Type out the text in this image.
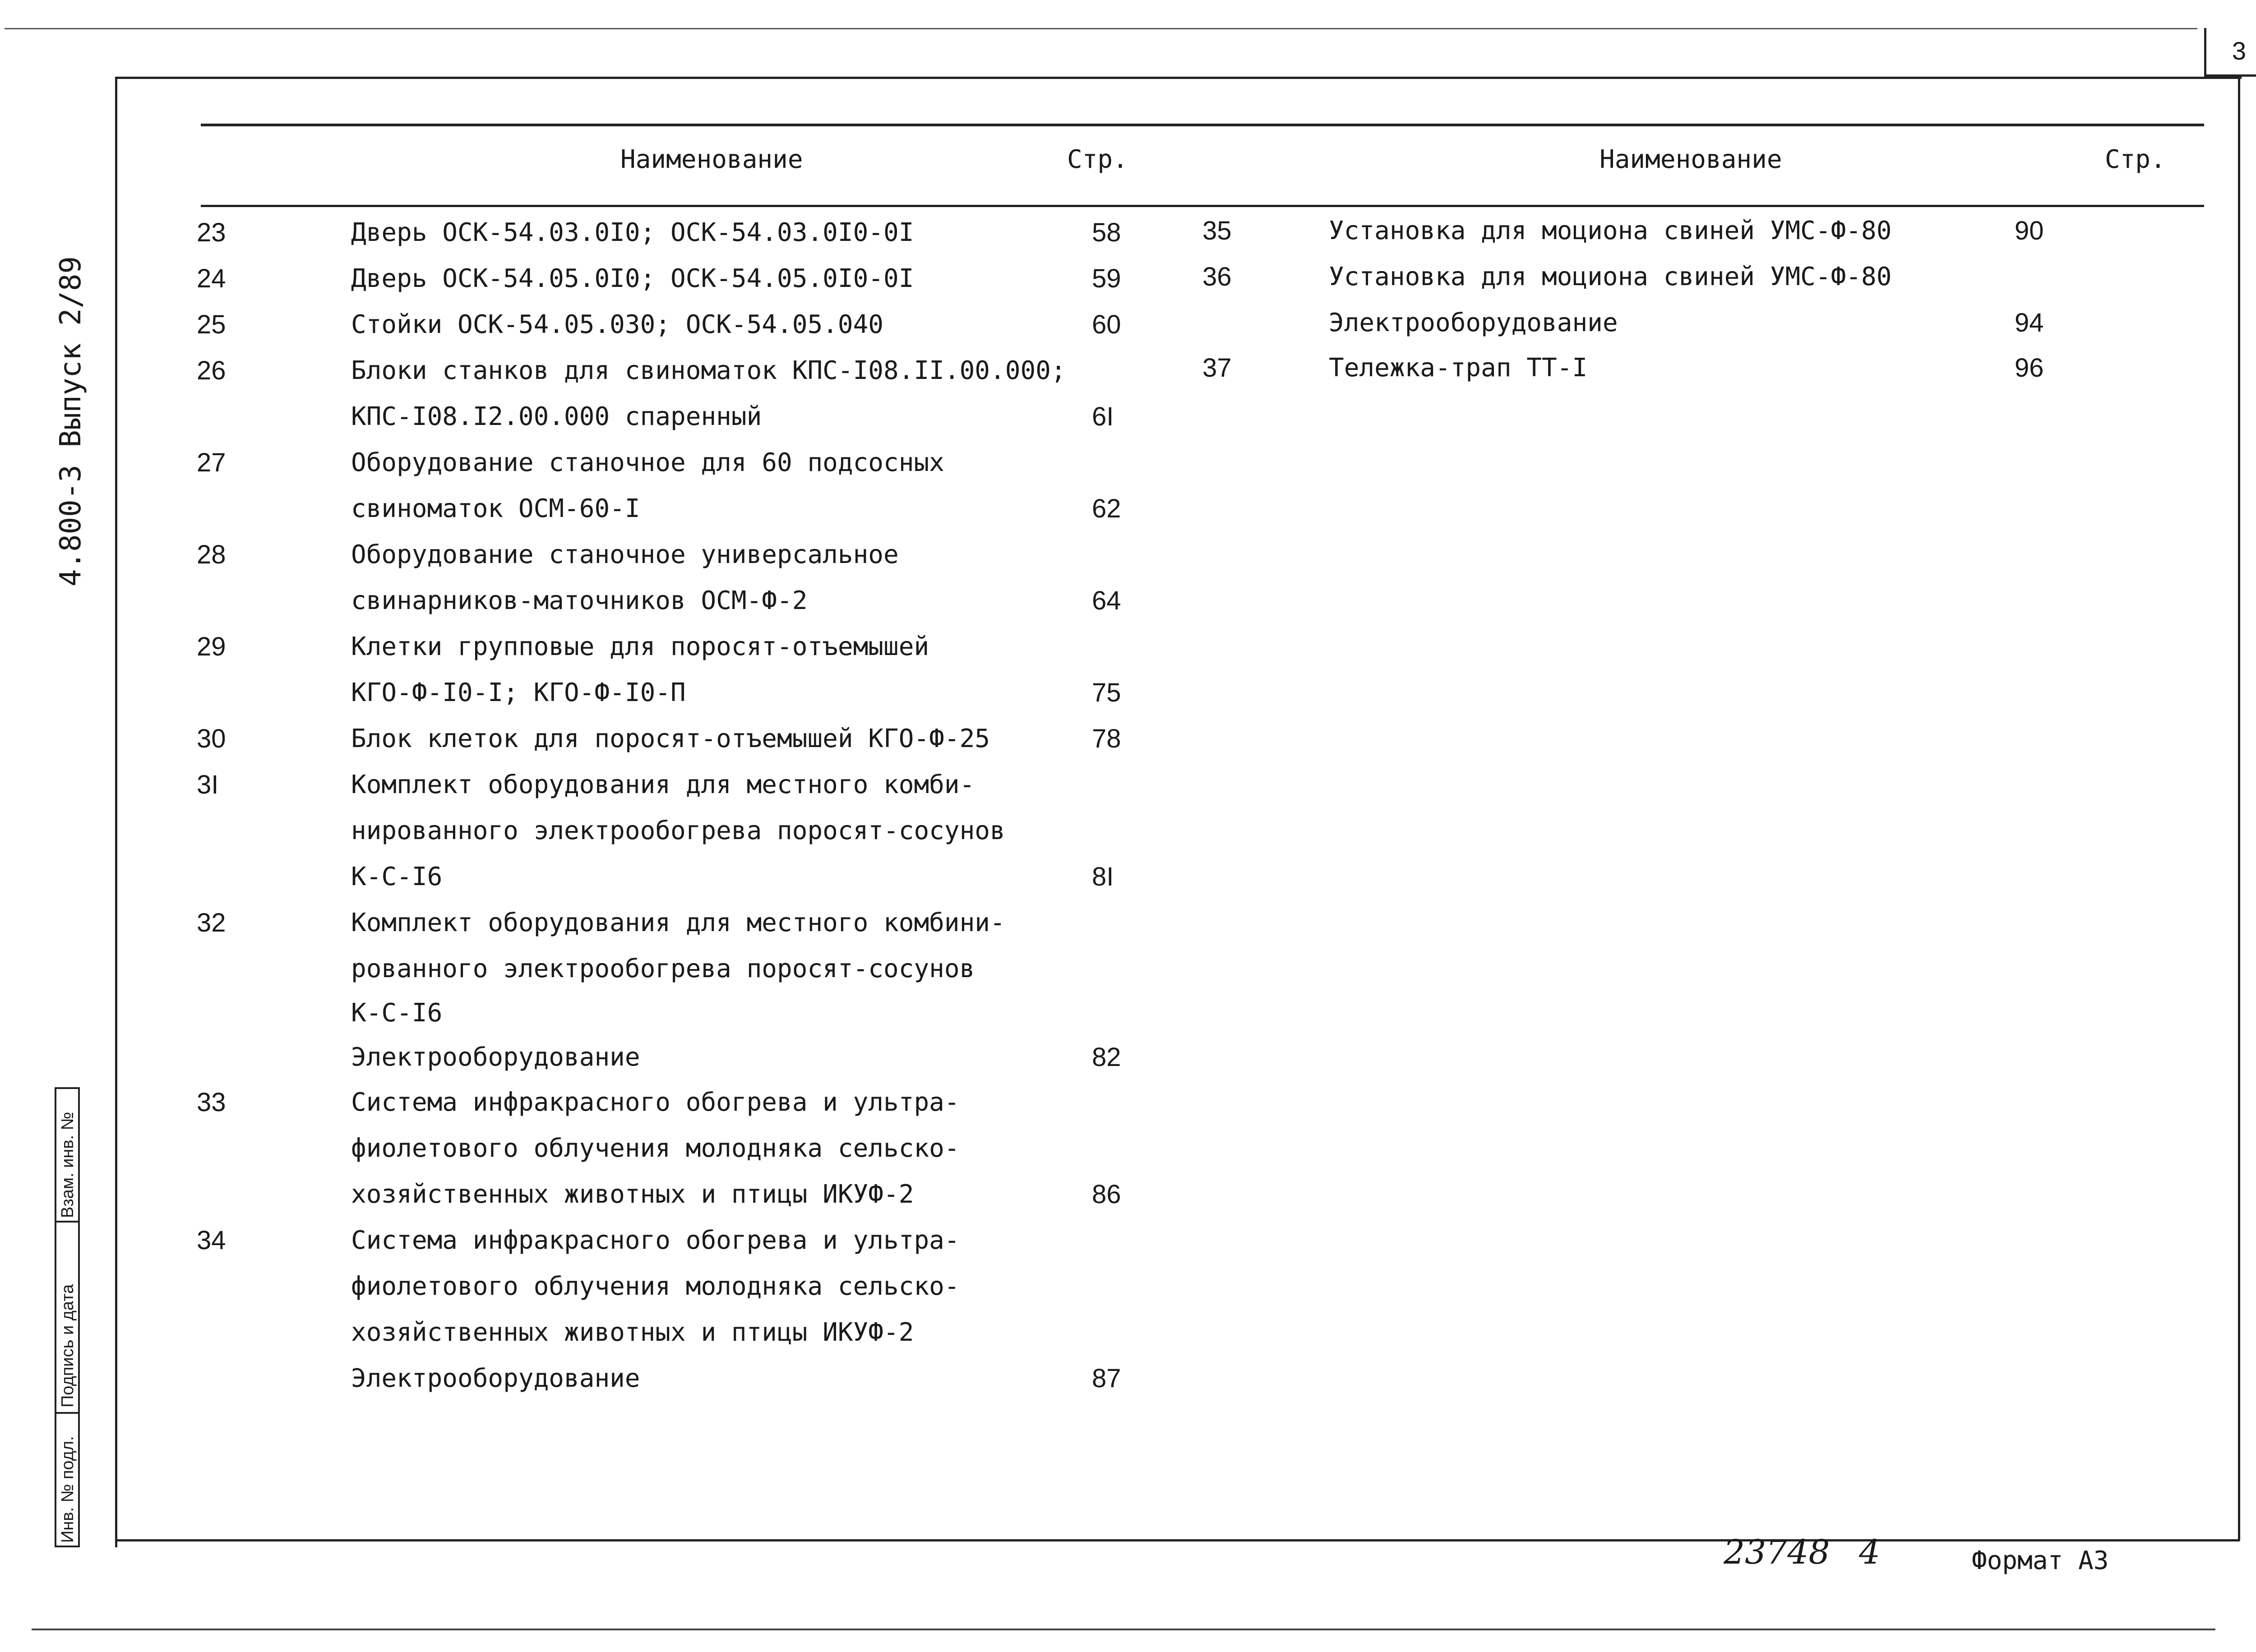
3
4.800-3 Выпуск 2/89
Взам. инв. №
Подпись и дата
Инв. № подл.
Наименование	Стр.	Наименование	Стр.
23	Дверь ОСК-54.03.0I0; ОСК-54.03.0I0-0I	58
24	Дверь ОСК-54.05.0I0; ОСК-54.05.0I0-0I	59
25	Стойки ОСК-54.05.030; ОСК-54.05.040	60
26	Блоки станков для свиноматок КПС-I08.II.00.000;
КПС-I08.I2.00.000 спаренный	6I
27	Оборудование станочное для 60 подсосных
свиноматок ОСМ-60-I	62
28	Оборудование станочное универсальное
свинарников-маточников ОСМ-Ф-2	64
29	Клетки групповые для поросят-отъемышей
КГО-Ф-I0-I; КГО-Ф-I0-П	75
30	Блок клеток для поросят-отъемышей КГО-Ф-25	78
3I	Комплект оборудования для местного комби-
нированного электрообогрева поросят-сосунов
К-С-I6	8I
32	Комплект оборудования для местного комбини-
рованного электрообогрева поросят-сосунов
К-С-I6
Электрооборудование	82
33	Система инфракрасного обогрева и ультра-
фиолетового облучения молодняка сельско-
хозяйственных животных и птицы ИКУФ-2	86
34	Система инфракрасного обогрева и ультра-
фиолетового облучения молодняка сельско-
хозяйственных животных и птицы ИКУФ-2
Электрооборудование	87
35	Установка для моциона свиней УМС-Ф-80	90
36	Установка для моциона свиней УМС-Ф-80
Электрооборудование	94
37	Тележка-трап ТТ-I	96
23748 4	Формат А3
